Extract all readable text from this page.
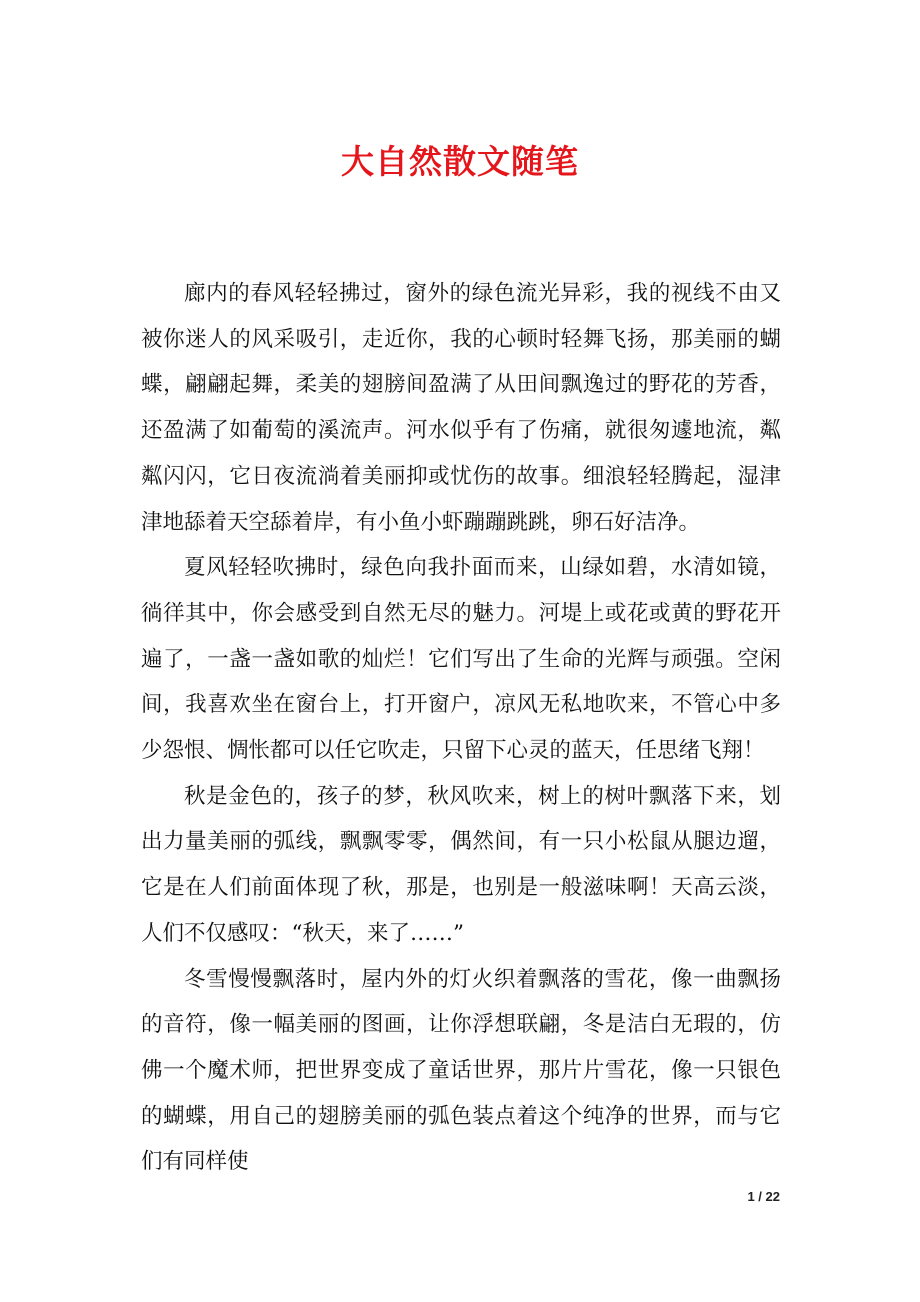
大自然散文随笔

廊内的春风轻轻拂过，窗外的绿色流光异彩，我的视线不由又被你迷人的风采吸引，走近你，我的心顿时轻舞飞扬，那美丽的蝴蝶，翩翩起舞，柔美的翅膀间盈满了从田间飘逸过的野花的芳香，还盈满了如葡萄的溪流声。河水似乎有了伤痛，就很匆遽地流，粼粼闪闪，它日夜流淌着美丽抑或忧伤的故事。细浪轻轻腾起，湿津津地舔着天空舔着岸，有小鱼小虾蹦蹦跳跳，卵石好洁净。

夏风轻轻吹拂时，绿色向我扑面而来，山绿如碧，水清如镜，徜徉其中，你会感受到自然无尽的魅力。河堤上或花或黄的野花开遍了，一盏一盏如歌的灿烂！它们写出了生命的光辉与顽强。空闲间，我喜欢坐在窗台上，打开窗户，凉风无私地吹来，不管心中多少怨恨、惆怅都可以任它吹走，只留下心灵的蓝天，任思绪飞翔！

秋是金色的，孩子的梦，秋风吹来，树上的树叶飘落下来，划出力量美丽的弧线，飘飘零零，偶然间，有一只小松鼠从腿边遛，它是在人们前面体现了秋，那是，也别是一般滋味啊！天高云淡，人们不仅感叹：“秋天，来了……”

冬雪慢慢飘落时，屋内外的灯火织着飘落的雪花，像一曲飘扬的音符，像一幅美丽的图画，让你浮想联翩，冬是洁白无瑕的，仿佛一个魔术师，把世界变成了童话世界，那片片雪花，像一只银色的蝴蝶，用自己的翅膀美丽的弧色装点着这个纯净的世界，而与它们有同样使

1 / 22
